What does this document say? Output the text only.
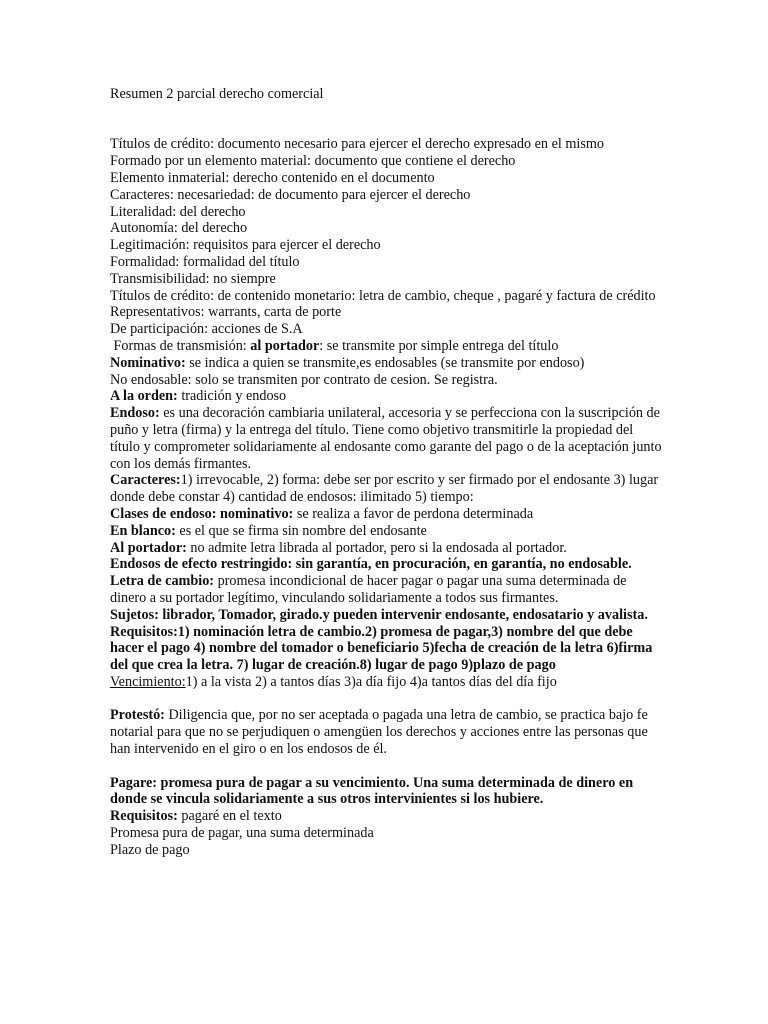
Resumen 2 parcial derecho comercial
Títulos de crédito: documento necesario para ejercer el derecho expresado en el mismo
Formado por un elemento material: documento que contiene el derecho
Elemento inmaterial: derecho contenido en el documento
Caracteres: necesariedad: de documento para ejercer el derecho
Literalidad: del derecho
Autonomía: del derecho
Legitimación: requisitos para ejercer el derecho
Formalidad: formalidad del título
Transmisibilidad: no siempre
Títulos de crédito: de contenido monetario: letra de cambio, cheque , pagaré y factura de crédito
Representativos: warrants, carta de porte
De participación: acciones de S.A
Formas de transmisión: al portador: se transmite por simple entrega del título
Nominativo: se indica a quien se transmite,es endosables (se transmite por endoso)
No endosable: solo se transmiten por contrato de cesion. Se registra.
A la orden: tradición y endoso
Endoso: es una decoración cambiaria unilateral, accesoria y se perfecciona con la suscripción de puño y letra (firma) y la entrega del título. Tiene como objetivo transmitirle la propiedad del título y comprometer solidariamente al endosante como garante del pago o de la aceptación junto con los demás firmantes.
Caracteres:1) irrevocable, 2) forma: debe ser por escrito y ser firmado por el endosante 3) lugar donde debe constar 4) cantidad de endosos: ilimitado 5) tiempo:
Clases de endoso: nominativo: se realiza a favor de perdona determinada
En blanco: es el que se firma sin nombre del endosante
Al portador: no admite letra librada al portador, pero si la endosada al portador.
Endosos de efecto restringido: sin garantía, en procuración, en garantía, no endosable.
Letra de cambio: promesa incondicional de hacer pagar o pagar una suma determinada de dinero a su portador legítimo, vinculando solidariamente a todos sus firmantes.
Sujetos: librador, Tomador, girado.y pueden intervenir endosante, endosatario y avalista.
Requisitos:1) nominación letra de cambio.2) promesa de pagar,3) nombre del que debe hacer el pago 4) nombre del tomador o beneficiario 5)fecha de creación de la letra 6)firma del que crea la letra. 7) lugar de creación.8) lugar de pago 9)plazo de pago
Vencimiento:1) a la vista 2) a tantos días 3)a día fijo 4)a tantos días del día fijo
Protestó: Diligencia que, por no ser aceptada o pagada una letra de cambio, se practica bajo fe notarial para que no se perjudiquen o amengüen los derechos y acciones entre las personas que han intervenido en el giro o en los endosos de él.
Pagare: promesa pura de pagar a su vencimiento. Una suma determinada de dinero en donde se vincula solidariamente a sus otros intervinientes si los hubiere.
Requisitos: pagaré en el texto
Promesa pura de pagar, una suma determinada
Plazo de pago
